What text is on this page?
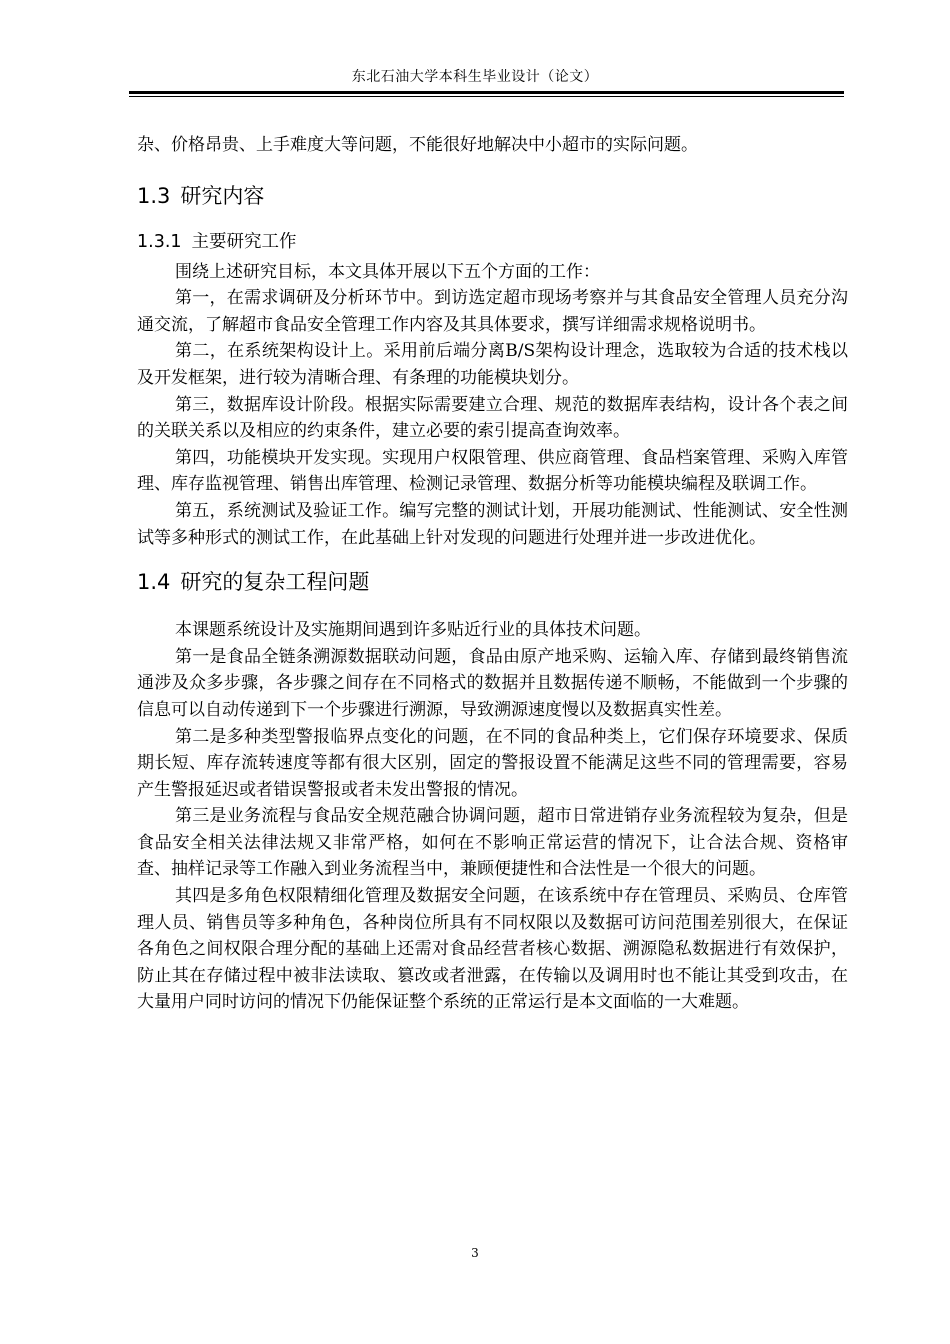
东北石油大学本科生毕业设计（论文）

杂、价格昂贵、上手难度大等问题，不能很好地解决中小超市的实际问题。

1.3 研究内容
1.3.1 主要研究工作

围绕上述研究目标，本文具体开展以下五个方面的工作：

第一，在需求调研及分析环节中。到访选定超市现场考察并与其食品安全管理人员充分沟通交流，了解超市食品安全管理工作内容及其具体要求，撰写详细需求规格说明书。

第二，在系统架构设计上。采用前后端分离B/S架构设计理念，选取较为合适的技术栈以及开发框架，进行较为清晰合理、有条理的功能模块划分。

第三，数据库设计阶段。根据实际需要建立合理、规范的数据库表结构，设计各个表之间的关联关系以及相应的约束条件，建立必要的索引提高查询效率。

第四，功能模块开发实现。实现用户权限管理、供应商管理、食品档案管理、采购入库管理、库存监视管理、销售出库管理、检测记录管理、数据分析等功能模块编程及联调工作。

第五，系统测试及验证工作。编写完整的测试计划，开展功能测试、性能测试、安全性测试等多种形式的测试工作，在此基础上针对发现的问题进行处理并进一步改进优化。

1.4 研究的复杂工程问题

本课题系统设计及实施期间遇到许多贴近行业的具体技术问题。

第一是食品全链条溯源数据联动问题，食品由原产地采购、运输入库、存储到最终销售流通涉及众多步骤，各步骤之间存在不同格式的数据并且数据传递不顺畅，不能做到一个步骤的信息可以自动传递到下一个步骤进行溯源，导致溯源速度慢以及数据真实性差。

第二是多种类型警报临界点变化的问题，在不同的食品种类上，它们保存环境要求、保质期长短、库存流转速度等都有很大区别，固定的警报设置不能满足这些不同的管理需要，容易产生警报延迟或者错误警报或者未发出警报的情况。

第三是业务流程与食品安全规范融合协调问题，超市日常进销存业务流程较为复杂，但是食品安全相关法律法规又非常严格，如何在不影响正常运营的情况下，让合法合规、资格审查、抽样记录等工作融入到业务流程当中，兼顾便捷性和合法性是一个很大的问题。

其四是多角色权限精细化管理及数据安全问题，在该系统中存在管理员、采购员、仓库管理人员、销售员等多种角色，各种岗位所具有不同权限以及数据可访问范围差别很大，在保证各角色之间权限合理分配的基础上还需对食品经营者核心数据、溯源隐私数据进行有效保护，防止其在存储过程中被非法读取、篡改或者泄露，在传输以及调用时也不能让其受到攻击，在大量用户同时访问的情况下仍能保证整个系统的正常运行是本文面临的一大难题。

3
